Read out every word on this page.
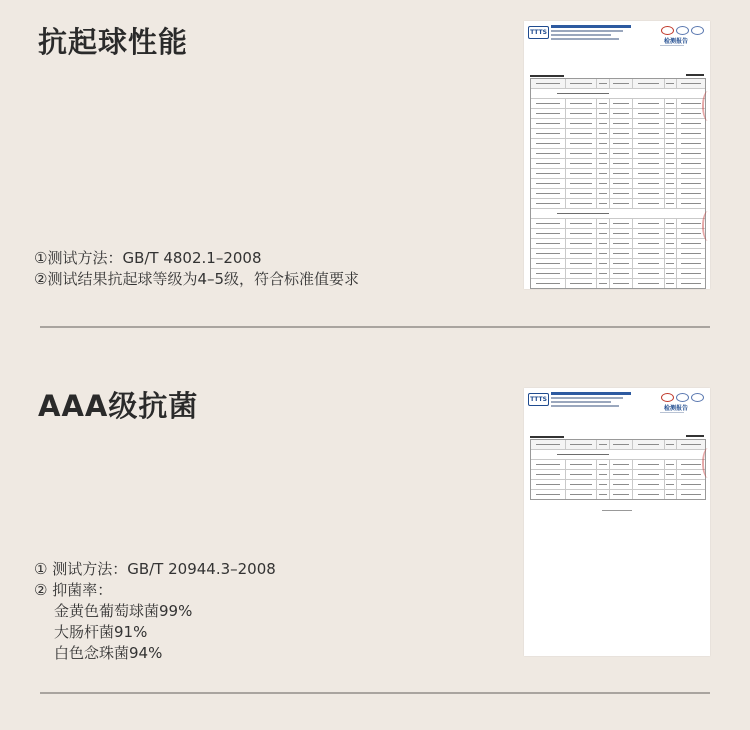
抗起球性能
①测试方法：GB/T 4802.1–2008
②测试结果抗起球等级为4–5级，符合标准值要求
TTTS
检测报告
AAA级抗菌
① 测试方法：GB/T 20944.3–2008
② 抑菌率：
金黄色葡萄球菌99%
大肠杆菌91%
白色念珠菌94%
TTTS
检测报告
